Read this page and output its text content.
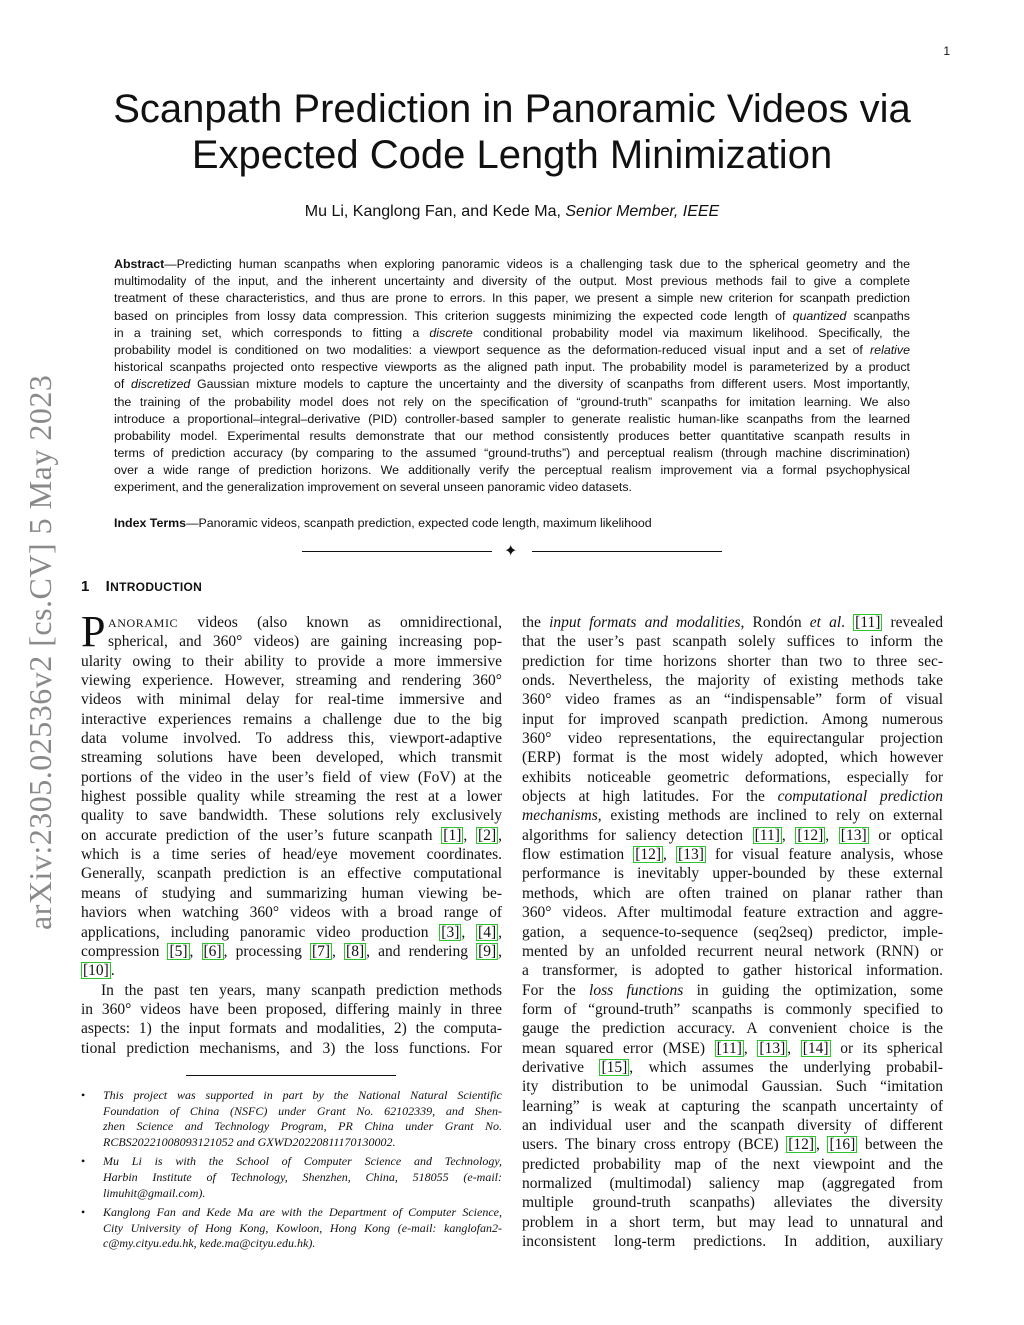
1
arXiv:2305.02536v2 [cs.CV] 5 May 2023
Scanpath Prediction in Panoramic Videos via
Expected Code Length Minimization
Mu Li, Kanglong Fan, and Kede Ma, Senior Member, IEEE
Abstract—Predicting human scanpaths when exploring panoramic videos is a challenging task due to the spherical geometry and the
multimodality of the input, and the inherent uncertainty and diversity of the output. Most previous methods fail to give a complete
treatment of these characteristics, and thus are prone to errors. In this paper, we present a simple new criterion for scanpath prediction
based on principles from lossy data compression. This criterion suggests minimizing the expected code length of quantized scanpaths
in a training set, which corresponds to fitting a discrete conditional probability model via maximum likelihood. Specifically, the
probability model is conditioned on two modalities: a viewport sequence as the deformation-reduced visual input and a set of relative
historical scanpaths projected onto respective viewports as the aligned path input. The probability model is parameterized by a product
of discretized Gaussian mixture models to capture the uncertainty and the diversity of scanpaths from different users. Most importantly,
the training of the probability model does not rely on the specification of “ground-truth” scanpaths for imitation learning. We also
introduce a proportional–integral–derivative (PID) controller-based sampler to generate realistic human-like scanpaths from the learned
probability model. Experimental results demonstrate that our method consistently produces better quantitative scanpath results in
terms of prediction accuracy (by comparing to the assumed “ground-truths”) and perceptual realism (through machine discrimination)
over a wide range of prediction horizons. We additionally verify the perceptual realism improvement via a formal psychophysical
experiment, and the generalization improvement on several unseen panoramic video datasets.
Index Terms—Panoramic videos, scanpath prediction, expected code length, maximum likelihood
✦
1 INTRODUCTION
P ANORAMIC videos (also known as omnidirectional,
spherical, and 360° videos) are gaining increasing pop-
ularity owing to their ability to provide a more immersive
viewing experience. However, streaming and rendering 360°
videos with minimal delay for real-time immersive and
interactive experiences remains a challenge due to the big
data volume involved. To address this, viewport-adaptive
streaming solutions have been developed, which transmit
portions of the video in the user’s field of view (FoV) at the
highest possible quality while streaming the rest at a lower
quality to save bandwidth. These solutions rely exclusively
on accurate prediction of the user’s future scanpath [1] , [2] ,
which is a time series of head/eye movement coordinates.
Generally, scanpath prediction is an effective computational
means of studying and summarizing human viewing be-
haviors when watching 360° videos with a broad range of
applications, including panoramic video production [3] , [4] ,
compression [5] , [6] , processing [7] , [8] , and rendering [9] ,
[10] .
In the past ten years, many scanpath prediction methods
in 360° videos have been proposed, differing mainly in three
aspects: 1) the input formats and modalities, 2) the computa-
tional prediction mechanisms, and 3) the loss functions. For
• This project was supported in part by the National Natural Scientific
Foundation of China (NSFC) under Grant No. 62102339, and Shen-
zhen Science and Technology Program, PR China under Grant No.
RCBS20221008093121052 and GXWD20220811170130002.
• Mu Li is with the School of Computer Science and Technology,
Harbin Institute of Technology, Shenzhen, China, 518055 (e-mail:
limuhit@gmail.com).
• Kanglong Fan and Kede Ma are with the Department of Computer Science,
City University of Hong Kong, Kowloon, Hong Kong (e-mail: kanglofan2-
c@my.cityu.edu.hk, kede.ma@cityu.edu.hk).
the input formats and modalities, Rondón et al. [11] revealed
that the user’s past scanpath solely suffices to inform the
prediction for time horizons shorter than two to three sec-
onds. Nevertheless, the majority of existing methods take
360° video frames as an “indispensable” form of visual
input for improved scanpath prediction. Among numerous
360° video representations, the equirectangular projection
(ERP) format is the most widely adopted, which however
exhibits noticeable geometric deformations, especially for
objects at high latitudes. For the computational prediction
mechanisms, existing methods are inclined to rely on external
algorithms for saliency detection [11] , [12] , [13] or optical
flow estimation [12] , [13] for visual feature analysis, whose
performance is inevitably upper-bounded by these external
methods, which are often trained on planar rather than
360° videos. After multimodal feature extraction and aggre-
gation, a sequence-to-sequence (seq2seq) predictor, imple-
mented by an unfolded recurrent neural network (RNN) or
a transformer, is adopted to gather historical information.
For the loss functions in guiding the optimization, some
form of “ground-truth” scanpaths is commonly specified to
gauge the prediction accuracy. A convenient choice is the
mean squared error (MSE) [11] , [13] , [14] or its spherical
derivative [15] , which assumes the underlying probabil-
ity distribution to be unimodal Gaussian. Such “imitation
learning” is weak at capturing the scanpath uncertainty of
an individual user and the scanpath diversity of different
users. The binary cross entropy (BCE) [12] , [16] between the
predicted probability map of the next viewpoint and the
normalized (multimodal) saliency map (aggregated from
multiple ground-truth scanpaths) alleviates the diversity
problem in a short term, but may lead to unnatural and
inconsistent long-term predictions. In addition, auxiliary
